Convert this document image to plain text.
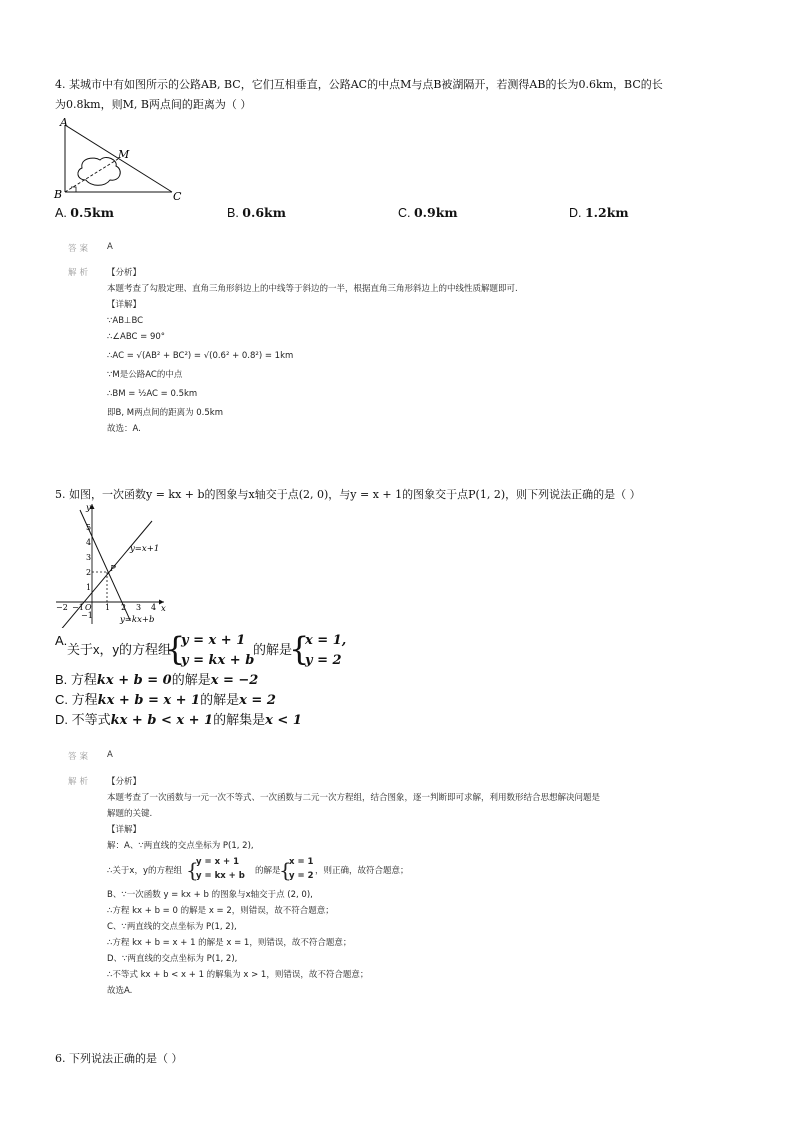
4. 某城市中有如图所示的公路AB, BC，它们互相垂直，公路AC的中点M与点B被湖隔开，若测得AB的长为0.6km，BC的长
为0.8km，则M, B两点间的距离为（ ）
A
B	C
M
A. 0.5km	B. 0.6km	C. 0.9km	D. 1.2km
答案 A
解析 【分析】
本题考查了勾股定理、直角三角形斜边上的中线等于斜边的一半，根据直角三角形斜边上的中线性质解题即可.
【详解】
∵AB⊥BC
∴∠ABC = 90°
∴AC = √(AB² + BC²) = √(0.6² + 0.8²) = 1km
∵M是公路AC的中点
∴BM = ½AC = 0.5km
即B, M两点间的距离为 0.5km
故选：A.
5. 如图，一次函数y = kx + b的图象与x轴交于点(2, 0)，与y = x + 1的图象交于点P(1, 2)，则下列说法正确的是（ ）
P
y=x+1
y=kx+b
x
y
−2 −1 O 1 2 3 4
5
4
3
2
1
−1
A.
关于x，y的方程组
{
y = x + 1
y = kx + b
的解是
{
x = 1,
y = 2
B. 方程kx + b = 0的解是x = −2
C. 方程kx + b = x + 1的解是x = 2
D. 不等式kx + b < x + 1的解集是x < 1
答案 A
解析 【分析】
本题考查了一次函数与一元一次不等式、一次函数与二元一次方程组，结合图象，逐一判断即可求解，利用数形结合思想解决问题是
解题的关键.
【详解】
解：A、∵两直线的交点坐标为 P(1, 2),
∴关于x，y的方程组 {
y = x + 1
y = kx + b 的解是
{
x = 1
y = 2 ，则正确，故符合题意；
B、∵一次函数 y = kx + b 的图象与x轴交于点 (2, 0),
∴方程 kx + b = 0 的解是 x = 2，则错误，故不符合题意；
C、∵两直线的交点坐标为 P(1, 2),
∴方程 kx + b = x + 1 的解是 x = 1，则错误，故不符合题意；
D、∵两直线的交点坐标为 P(1, 2),
∴不等式 kx + b < x + 1 的解集为 x > 1，则错误，故不符合题意；
故选A.
6. 下列说法正确的是（ ）
